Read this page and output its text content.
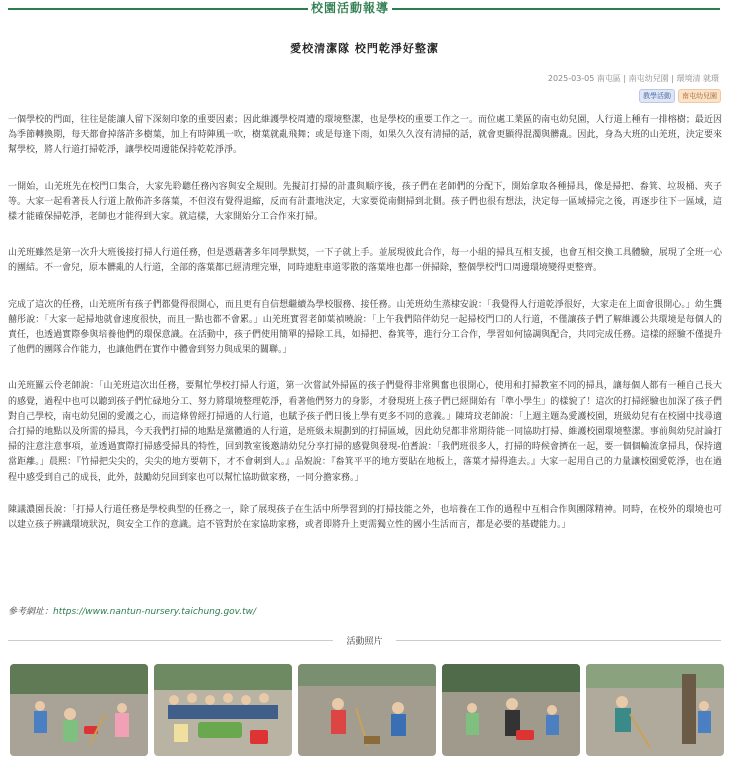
校園活動報導
愛校清潔隊 校門乾淨好整潔
2025-03-05 南屯區 | 南屯幼兒園 | 環境清 就環
教學活動	南屯幼兒園

一個學校的門面，往往是能讓人留下深刻印象的重要因素；因此維護學校周遭的環境整潔，也是學校的重要工作之一。而位處工業區的南屯幼兒園，人行道上種有一排榕樹；最近因為季節轉換期，每天都會掉落許多樹葉，加上有時陣風一吹，樹葉就亂飛舞；或是每逢下雨，如果久久沒有清掃的話，就會更顯得混濁與髒亂。因此，身為大班的山羌班，決定要來幫學校，將人行道打掃乾淨，讓學校周邊能保持乾乾淨淨。

一開始，山羌班先在校門口集合，大家先聆聽任務內容與安全規則。先擬訂打掃的計畫與順序後，孩子們在老師們的分配下，開始拿取各種掃具，像是掃把、畚箕、垃圾桶、夾子等。大家一起看著長人行道上散佈許多落葉，不但沒有覺得退縮，反而有計畫地決定，大家要從南側掃到北側。孩子們也很有想法，決定每一區域掃完之後，再逐步往下一區域，這樣才能確保掃乾淨，老師也才能得到大家。就這樣，大家開始分工合作來打掃。

山羌班雖然是第一次升大班後接打掃人行道任務，但是憑藉著多年同學默契，一下子就上手。並展現彼此合作，每一小組的掃具互相支援，也會互相交換工具體驗，展現了全班一心的團結。不一會兒，原本髒亂的人行道，全部的落葉都已經清理完畢，同時連駐車道零散的落葉堆也都一併掃除，整個學校門口周邊環境變得更整齊。

完成了這次的任務，山羌班所有孩子們都覺得很開心，而且更有自信想繼續為學校服務、接任務。山羌班幼生蒸棣安說：「我覺得人行道乾淨很好，大家走在上面會很開心。」幼生龔囍彤說：「大家一起掃地就會速度很快，而且一點也都不會累。」山羌班實習老師葉禎曉說：「上午我們陪伴幼兒一起掃校門口的人行道，不僅讓孩子們了解維護公共環境是每個人的責任，也透過實際參與培養他們的環保意識。在活動中，孩子們使用簡單的掃除工具，如掃把、畚箕等，進行分工合作，學習如何協調與配合，共同完成任務。這樣的經驗不僅提升了他們的團隊合作能力，也讓他們在實作中體會到努力與成果的關聯。」

山羌班羅云伶老師說：「山羌班這次出任務，要幫忙學校打掃人行道，第一次嘗試外掃區的孩子們覺得非常興奮也很開心，使用和打掃教室不同的掃具，讓每個人都有一種自己長大的感覺，過程中也可以聽到孩子們忙碌地分工、努力將環境整理乾淨，看著他們努力的身影，才發現班上孩子們已經開始有「準小學生」的樣貌了！這次的打掃經驗也加深了孩子們對自己學校，南屯幼兒園的愛護之心，而這條曾經打掃過的人行道，也賦予孩子們日後上學有更多不同的意義。」陳琦玟老師說：「上週主題為愛護校園，班級幼兒有在校園中找尋適合打掃的地點以及所需的掃具，今天我們打掃的地點是黨體過的人行道，是班級未規劃到的打掃區域，因此幼兒都非常期待能一同協助打掃、維護校園環境整潔。事前與幼兒討論打掃的注意注意事項，並透過實際打掃感受掃具的特性，回到教室後邀請幼兒分享打掃的感覺與發現-伯耆說：「我們班很多人，打掃的時候會擠在一起，要一個個輪流拿掃具，保持適當距離。」晨熙：『竹掃把尖尖的，尖尖的地方要朝下，才不會刺到人。』品婗說：『畚箕平平的地方要貼在地板上，落葉才掃得進去。』大家一起用自己的力量讓校園愛乾淨，也在過程中感受到自己的成長，此外，鼓勵幼兒回到家也可以幫忙協助做家務，一同分擔家務。」

陳議濃園長說：「打掃人行道任務是學校典型的任務之一，除了展現孩子在生活中所學習到的打掃技能之外，也培養在工作的過程中互相合作與團隊精神。同時，在校外的環境也可以建立孩子辨識環境狀況，與安全工作的意識。這不管對於在家協助家務，或者即將升上更需獨立性的國小生活而言，都是必要的基礎能力。」

參考網址：https://www.nantun-nursery.taichung.gov.tw/
活動照片
